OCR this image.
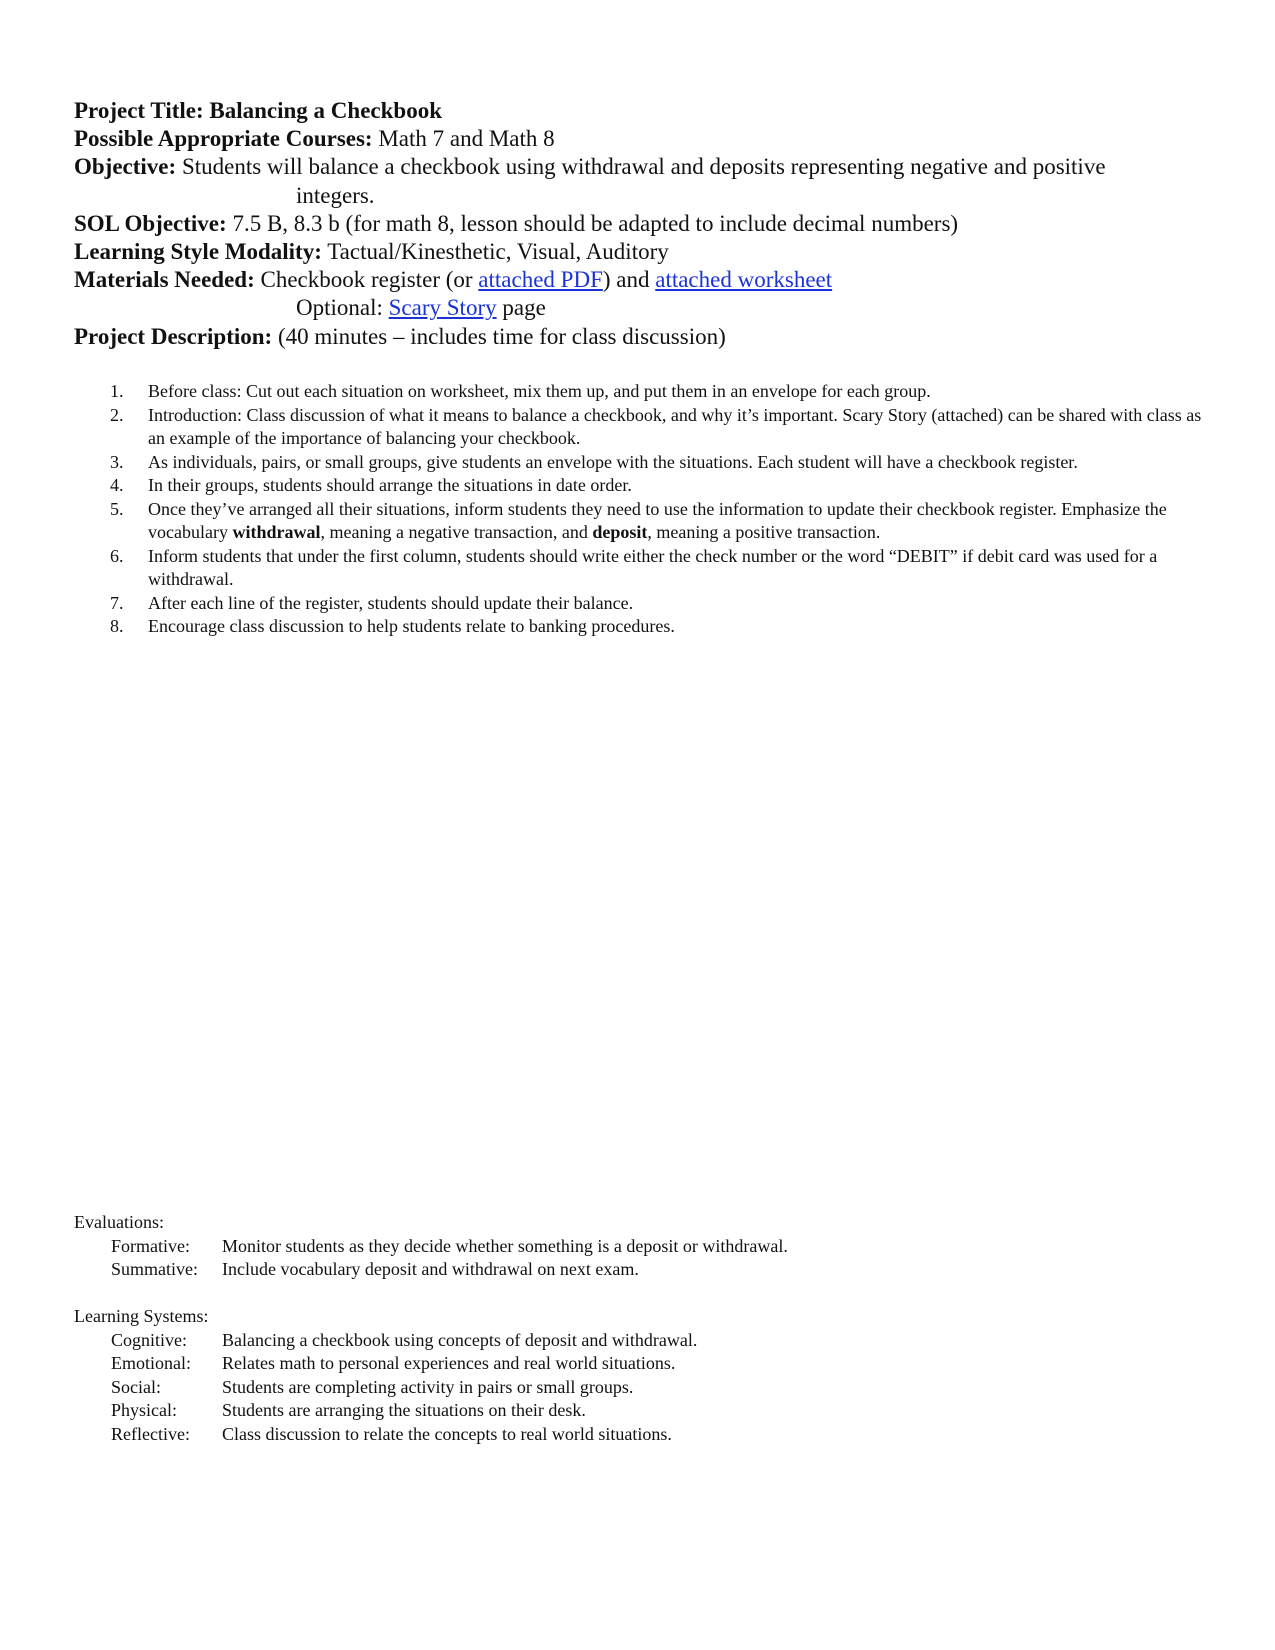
Project Title: Balancing a Checkbook
Possible Appropriate Courses: Math 7 and Math 8
Objective: Students will balance a checkbook using withdrawal and deposits representing negative and positive
integers.
SOL Objective: 7.5 B, 8.3 b (for math 8, lesson should be adapted to include decimal numbers)
Learning Style Modality: Tactual/Kinesthetic, Visual, Auditory
Materials Needed: Checkbook register (or attached PDF) and attached worksheet
Optional: Scary Story page
Project Description: (40 minutes – includes time for class discussion)
1. Before class: Cut out each situation on worksheet, mix them up, and put them in an envelope for each group.
2. Introduction: Class discussion of what it means to balance a checkbook, and why it’s important. Scary Story (attached) can be shared with class as an example of the importance of balancing your checkbook.
3. As individuals, pairs, or small groups, give students an envelope with the situations. Each student will have a checkbook register.
4. In their groups, students should arrange the situations in date order.
5. Once they’ve arranged all their situations, inform students they need to use the information to update their checkbook register. Emphasize the vocabulary withdrawal, meaning a negative transaction, and deposit, meaning a positive transaction.
6. Inform students that under the first column, students should write either the check number or the word “DEBIT” if debit card was used for a withdrawal.
7. After each line of the register, students should update their balance.
8. Encourage class discussion to help students relate to banking procedures.
Evaluations:
Formative: Monitor students as they decide whether something is a deposit or withdrawal.
Summative: Include vocabulary deposit and withdrawal on next exam.
Learning Systems:
Cognitive: Balancing a checkbook using concepts of deposit and withdrawal.
Emotional: Relates math to personal experiences and real world situations.
Social:	Students are completing activity in pairs or small groups.
Physical:	Students are arranging the situations on their desk.
Reflective: Class discussion to relate the concepts to real world situations.
